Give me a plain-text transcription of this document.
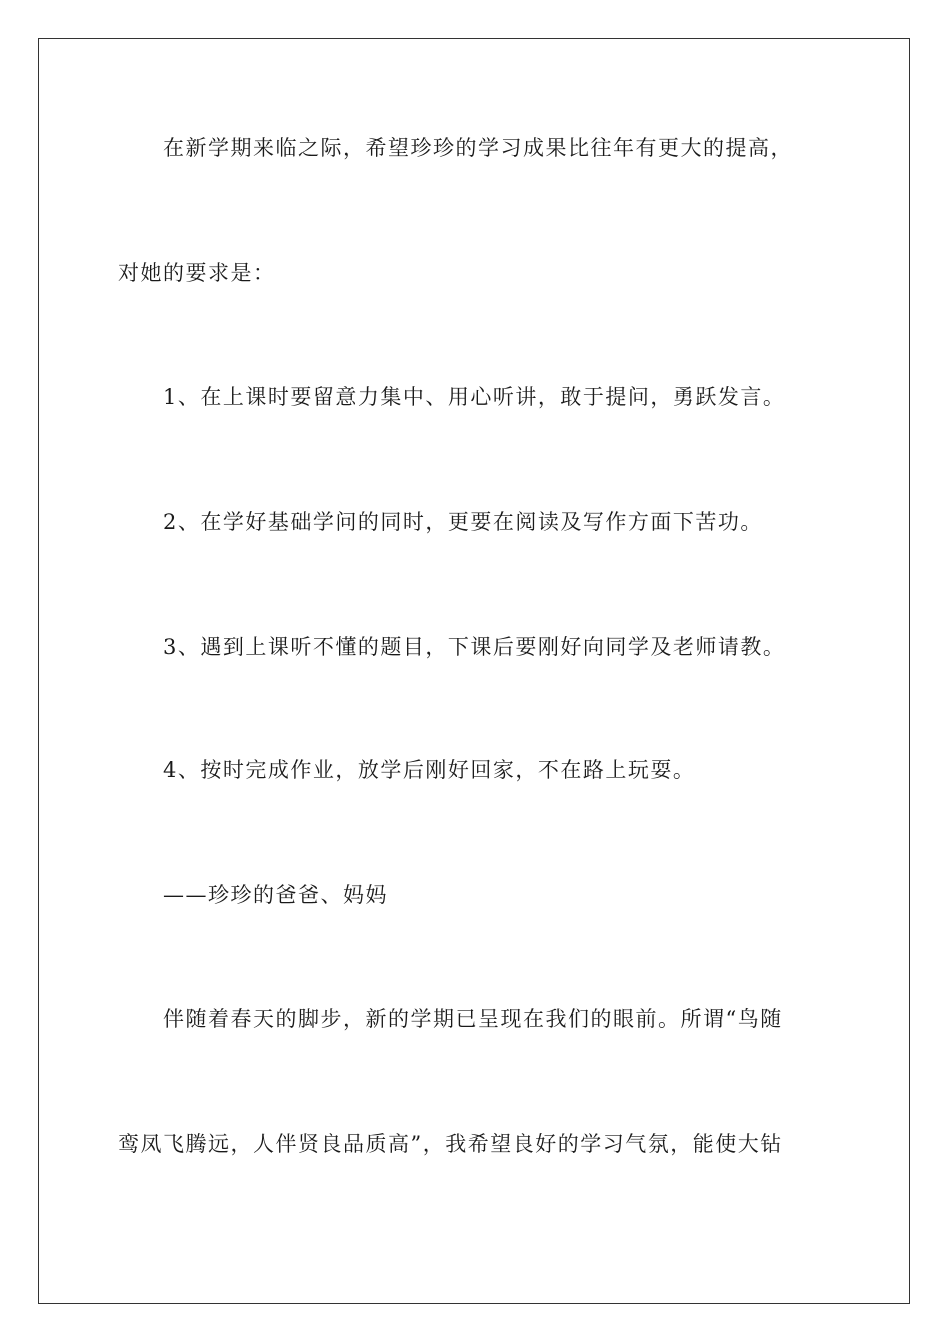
在新学期来临之际，希望珍珍的学习成果比往年有更大的提高，
对她的要求是：
1、在上课时要留意力集中、用心听讲，敢于提问，勇跃发言。
2、在学好基础学问的同时，更要在阅读及写作方面下苦功。
3、遇到上课听不懂的题目，下课后要刚好向同学及老师请教。
4、按时完成作业，放学后刚好回家，不在路上玩耍。
——珍珍的爸爸、妈妈
伴随着春天的脚步，新的学期已呈现在我们的眼前。所谓“鸟随
鸾凤飞腾远，人伴贤良品质高”，我希望良好的学习气氛，能使大钻
